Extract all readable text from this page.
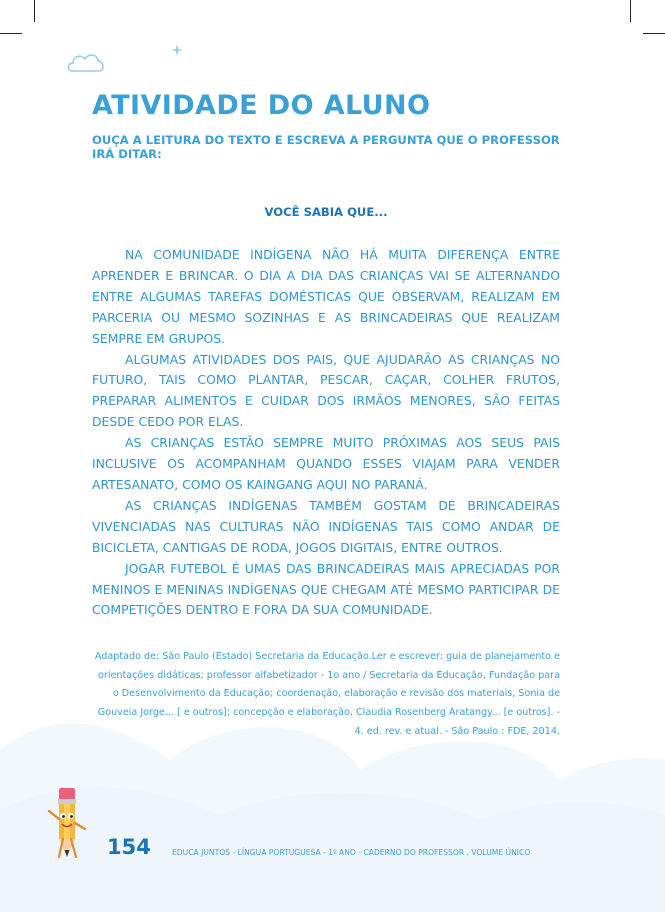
ATIVIDADE DO ALUNO

OUÇA A LEITURA DO TEXTO E ESCREVA A PERGUNTA QUE O PROFESSOR IRÁ DITAR:

VOCÊ SABIA QUE...

NA COMUNIDADE INDÍGENA NÃO HÁ MUITA DIFERENÇA ENTRE APRENDER E BRINCAR. O DIA A DIA DAS CRIANÇAS VAI SE ALTERNANDO ENTRE ALGUMAS TAREFAS DOMÉSTICAS QUE OBSERVAM, REALIZAM EM PARCERIA OU MESMO SOZINHAS E AS BRINCADEIRAS QUE REALIZAM SEMPRE EM GRUPOS.

ALGUMAS ATIVIDADES DOS PAIS, QUE AJUDARÃO AS CRIANÇAS NO FUTURO, TAIS COMO PLANTAR, PESCAR, CAÇAR, COLHER FRUTOS, PREPARAR ALIMENTOS E CUIDAR DOS IRMÃOS MENORES, SÃO FEITAS DESDE CEDO POR ELAS.

AS CRIANÇAS ESTÃO SEMPRE MUITO PRÓXIMAS AOS SEUS PAIS INCLUSIVE OS ACOMPANHAM QUANDO ESSES VIAJAM PARA VENDER ARTESANATO, COMO OS KAINGANG AQUI NO PARANÁ.

AS CRIANÇAS INDÍGENAS TAMBÉM GOSTAM DE BRINCADEIRAS VIVENCIADAS NAS CULTURAS NÃO INDÍGENAS TAIS COMO ANDAR DE BICICLETA, CANTIGAS DE RODA, JOGOS DIGITAIS, ENTRE OUTROS.

JOGAR FUTEBOL É UMAS DAS BRINCADEIRAS MAIS APRECIADAS POR MENINOS E MENINAS INDÍGENAS QUE CHEGAM ATÉ MESMO PARTICIPAR DE COMPETIÇÕES DENTRO E FORA DA SUA COMUNIDADE.

Adaptado de: São Paulo (Estado) Secretaria da Educação.Ler e escrever: guia de planejamento e orientações didáticas; professor alfabetizador - 1o ano / Secretaria da Educação, Fundação para o Desenvolvimento da Educação; coordenação, elaboração e revisão dos materiais, Sonia de Gouveia Jorge... [ e outros]; concepção e elaboração, Claudia Rosenberg Aratangy... [e outros]. - 4. ed. rev. e atual. - São Paulo : FDE, 2014.

154	EDUCA JUNTOS - LÍNGUA PORTUGUESA - 1º ANO - CADERNO DO PROFESSOR . VOLUME ÚNICO
